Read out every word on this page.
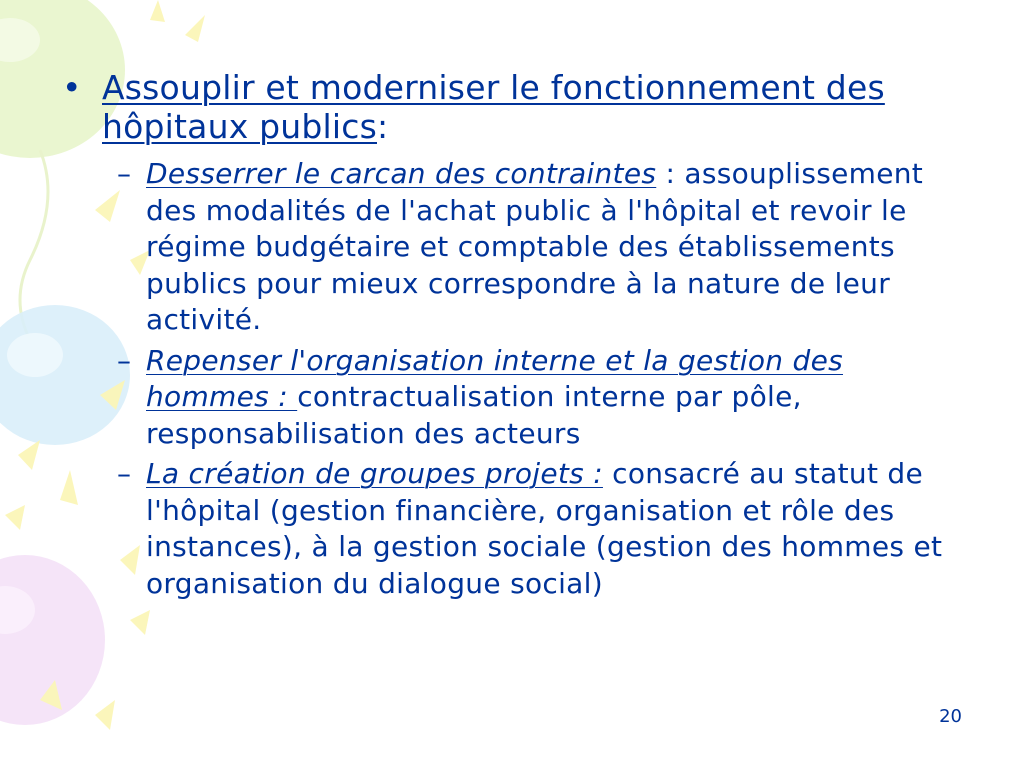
• Assouplir et moderniser le fonctionnement des hôpitaux publics:
– Desserrer le carcan des contraintes : assouplissement des modalités de l'achat public à l'hôpital et revoir le régime budgétaire et comptable des établissements publics pour mieux correspondre à la nature de leur activité.
– Repenser l'organisation interne et la gestion des hommes : contractualisation interne par pôle, responsabilisation des acteurs
– La création de groupes projets : consacré au statut de l'hôpital (gestion financière, organisation et rôle des instances), à la gestion sociale (gestion des hommes et organisation du dialogue social)
20
